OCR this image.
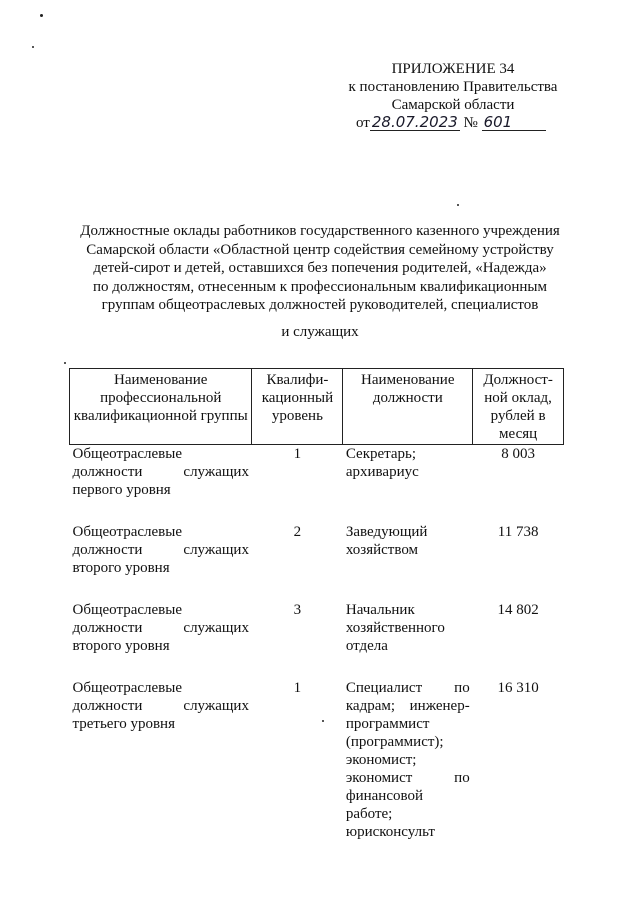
ПРИЛОЖЕНИЕ 34
к постановлению Правительства
Самарской области
от 28.07.2023 № 601
Должностные оклады работников государственного казенного учреждения
Самарской области «Областной центр содействия семейному устройству
детей-сирот и детей, оставшихся без попечения родителей, «Надежда»
по должностям, отнесенным к профессиональным квалификационным
группам общеотраслевых должностей руководителей, специалистов
и служащих
Наименование профессиональной квалификационной группы	Квалифи-кационный уровень	Наименование должности	Должност-ной оклад, рублей в месяц
Общеотраслевые должности служащих первого уровня	1	Секретарь; архивариус	8 003
Общеотраслевые должности служащих второго уровня	2	Заведующий хозяйством	11 738
Общеотраслевые должности служащих второго уровня	3	Начальник хозяйственного отдела	14 802
Общеотраслевые должности служащих третьего уровня	1	Специалист по кадрам; инженер-программист (программист); экономист; экономист по финансовой работе; юрисконсульт	16 310
